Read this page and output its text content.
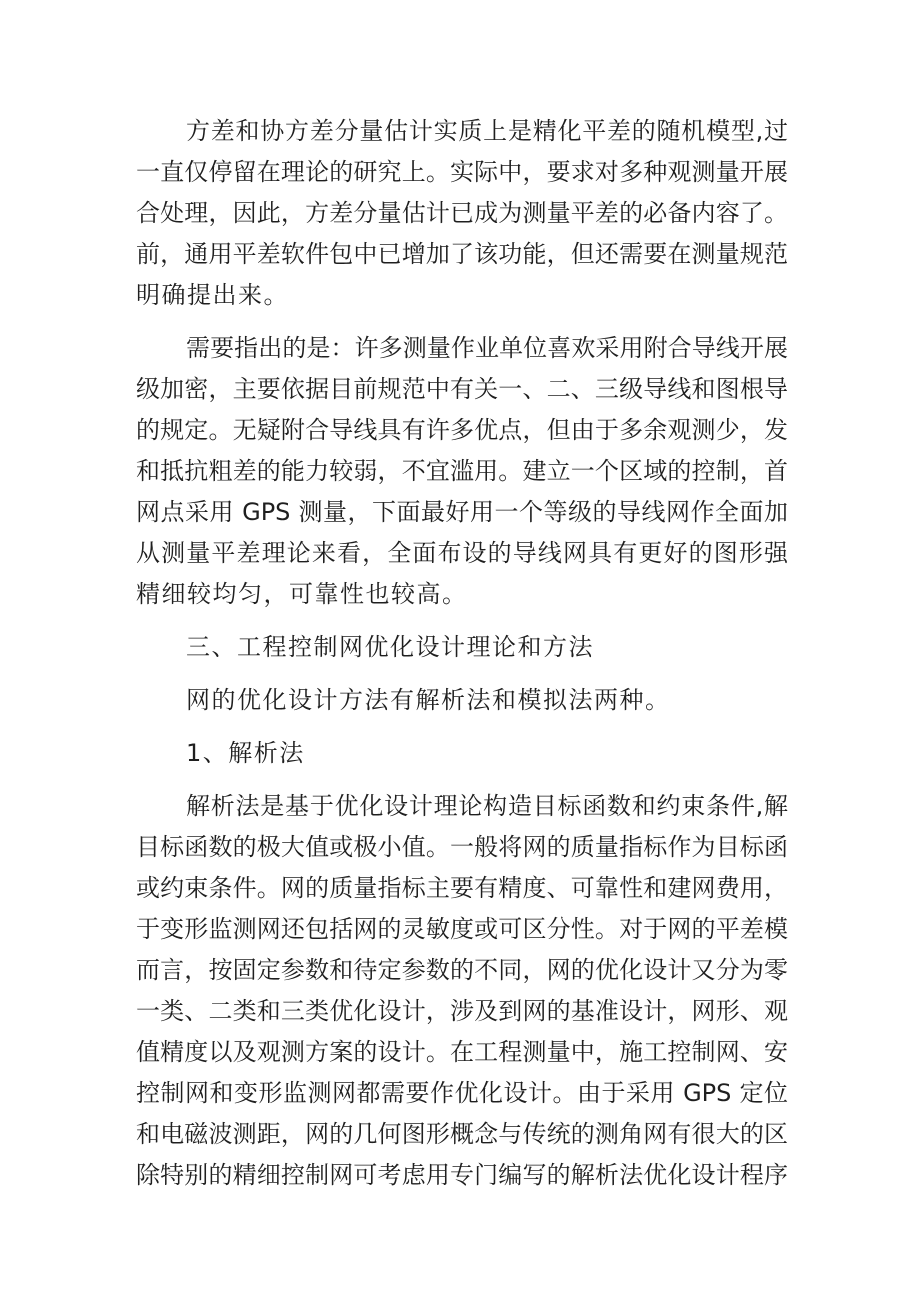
方差和协方差分量估计实质上是精化平差的随机模型,过
一直仅停留在理论的研究上。实际中，要求对多种观测量开展
合处理，因此，方差分量估计已成为测量平差的必备内容了。
前，通用平差软件包中已增加了该功能，但还需要在测量规范
明确提出来。
需要指出的是：许多测量作业单位喜欢采用附合导线开展
级加密，主要依据目前规范中有关一、二、三级导线和图根导
的规定。无疑附合导线具有许多优点，但由于多余观测少，发
和抵抗粗差的能力较弱，不宜滥用。建立一个区域的控制，首
网点采用 GPS 测量，下面最好用一个等级的导线网作全面加
从测量平差理论来看，全面布设的导线网具有更好的图形强
精细较均匀，可靠性也较高。
三、工程控制网优化设计理论和方法
网的优化设计方法有解析法和模拟法两种。
1、解析法
解析法是基于优化设计理论构造目标函数和约束条件,解
目标函数的极大值或极小值。一般将网的质量指标作为目标函
或约束条件。网的质量指标主要有精度、可靠性和建网费用，
于变形监测网还包括网的灵敏度或可区分性。对于网的平差模
而言，按固定参数和待定参数的不同，网的优化设计又分为零
一类、二类和三类优化设计，涉及到网的基准设计，网形、观
值精度以及观测方案的设计。在工程测量中，施工控制网、安
控制网和变形监测网都需要作优化设计。由于采用 GPS 定位
和电磁波测距，网的几何图形概念与传统的测角网有很大的区
除特别的精细控制网可考虑用专门编写的解析法优化设计程序
